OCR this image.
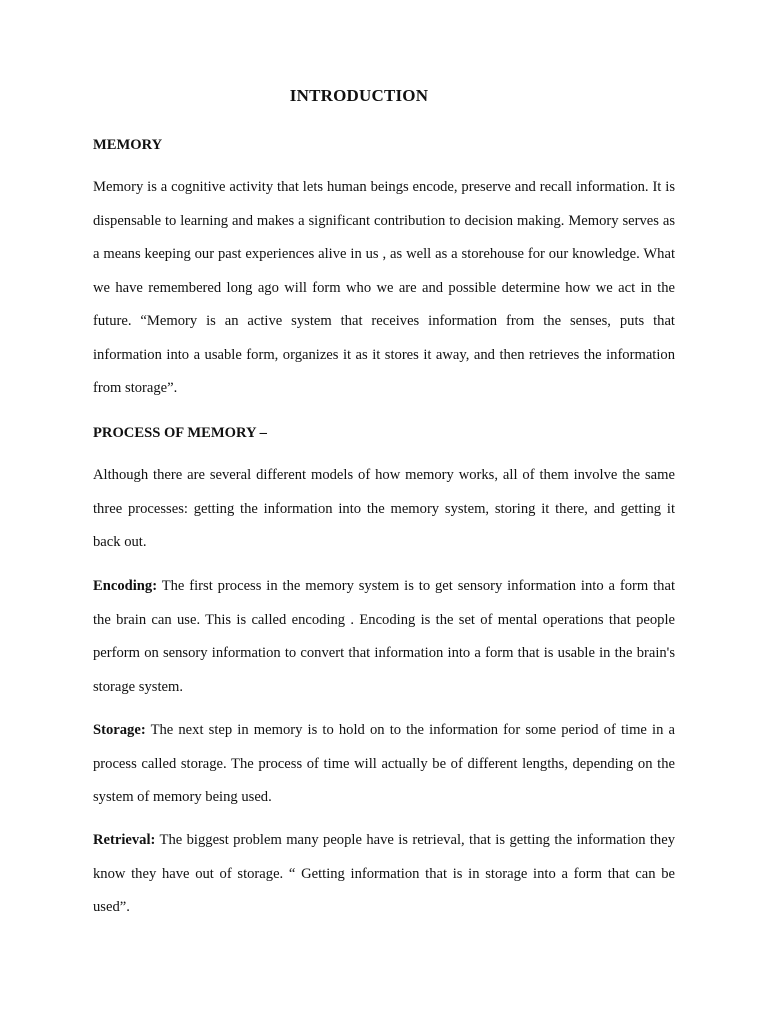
INTRODUCTION
MEMORY

Memory is a cognitive activity that lets human beings encode, preserve and recall information. It is dispensable to learning and makes a significant contribution to decision making. Memory serves as a means keeping our past experiences alive in us , as well as a storehouse for our knowledge. What we have remembered long ago will form who we are and possible determine how we act in the future. “Memory is an active system that receives information from the senses, puts that information into a usable form, organizes it as it stores it away, and then retrieves the information from storage”.

PROCESS OF MEMORY –

Although there are several different models of how memory works, all of them involve the same three processes: getting the information into the memory system, storing it there, and getting it back out.

Encoding: The first process in the memory system is to get sensory information into a form that the brain can use. This is called encoding . Encoding is the set of mental operations that people perform on sensory information to convert that information into a form that is usable in the brain's storage system.

Storage: The next step in memory is to hold on to the information for some period of time in a process called storage. The process of time will actually be of different lengths, depending on the system of memory being used.

Retrieval: The biggest problem many people have is retrieval, that is getting the information they know they have out of storage. “ Getting information that is in storage into a form that can be used”.
